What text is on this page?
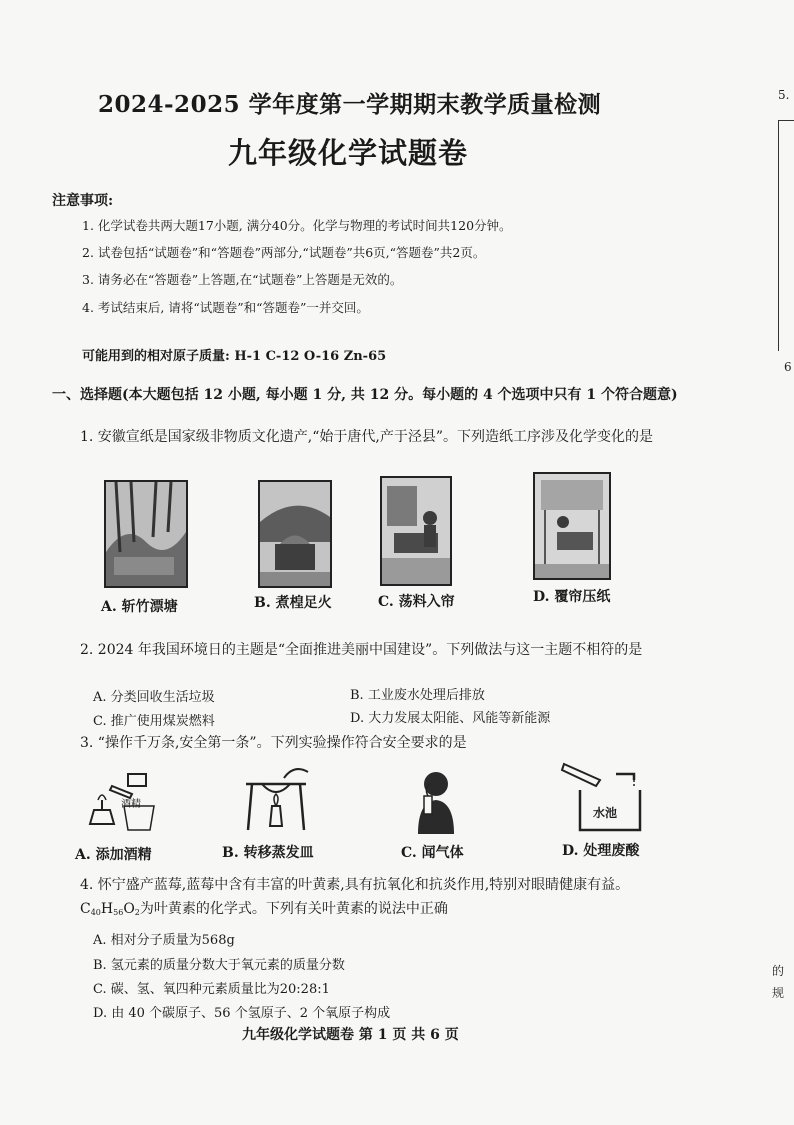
2024-2025 学年度第一学期期末教学质量检测
九年级化学试题卷
注意事项:
1. 化学试卷共两大题17小题, 满分40分。化学与物理的考试时间共120分钟。
2. 试卷包括“试题卷”和“答题卷”两部分,“试题卷”共6页,“答题卷”共2页。
3. 请务必在“答题卷”上答题,在“试题卷”上答题是无效的。
4. 考试结束后, 请将“试题卷”和“答题卷”一并交回。
可能用到的相对原子质量: H-1 C-12 O-16 Zn-65
一、选择题(本大题包括 12 小题, 每小题 1 分, 共 12 分。每小题的 4 个选项中只有 1 个符合题意)
1. 安徽宣纸是国家级非物质文化遗产,“始于唐代,产于泾县”。下列造纸工序涉及化学变化的是
A. 斩竹漂塘	B. 煮楻足火	C. 荡料入帘	D. 覆帘压纸
2. 2024 年我国环境日的主题是“全面推进美丽中国建设”。下列做法与这一主题不相符的是
A. 分类回收生活垃圾	B. 工业废水处理后排放
C. 推广使用煤炭燃料	D. 大力发展太阳能、风能等新能源
3. “操作千万条,安全第一条”。下列实验操作符合安全要求的是
酒精
水池
A. 添加酒精	B. 转移蒸发皿	C. 闻气体	D. 处理废酸
4. 怀宁盛产蓝莓,蓝莓中含有丰富的叶黄素,具有抗氧化和抗炎作用,特别对眼睛健康有益。$C_{40}H_{56}O_2$为叶黄素的化学式。下列有关叶黄素的说法中正确
A. 相对分子质量为568g
B. 氢元素的质量分数大于氧元素的质量分数
C. 碳、氢、氧四种元素质量比为20:28:1
D. 由 40 个碳原子、56 个氢原子、2 个氧原子构成
九年级化学试题卷 第 1 页 共 6 页
5.
6
的
规
